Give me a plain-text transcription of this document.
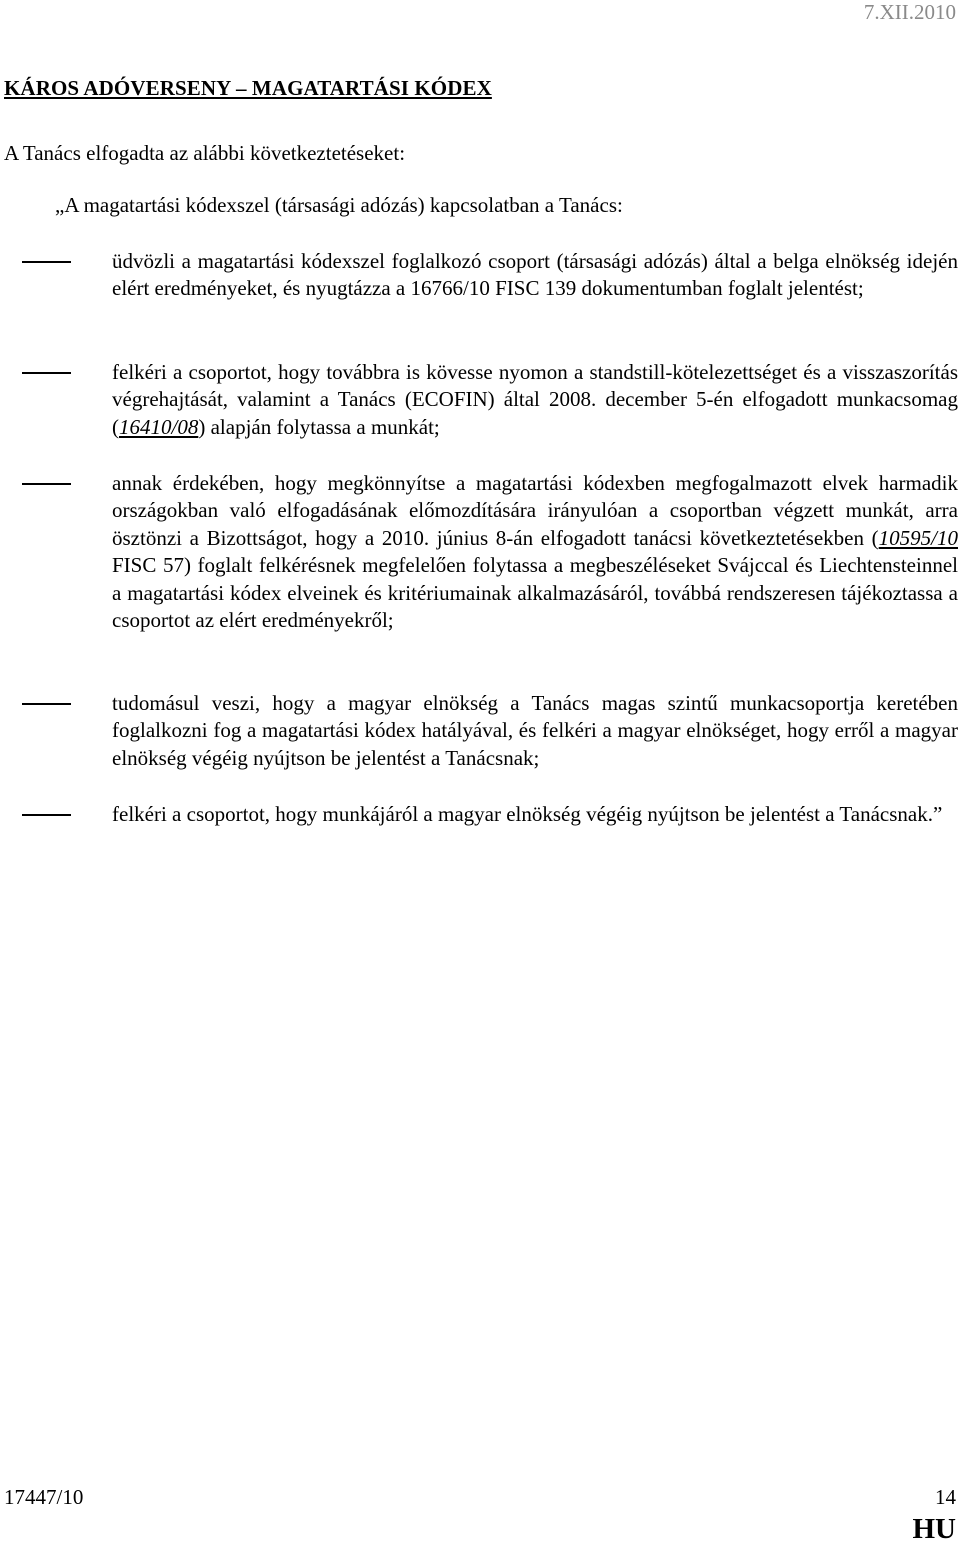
7.XII.2010
KÁROS ADÓVERSENY – MAGATARTÁSI KÓDEX

A Tanács elfogadta az alábbi következtetéseket:

„A magatartási kódexszel (társasági adózás) kapcsolatban a Tanács:

üdvözli a magatartási kódexszel foglalkozó csoport (társasági adózás) által a belga elnökség idején elért eredményeket, és nyugtázza a 16766/10 FISC 139 dokumentumban foglalt jelentést;

felkéri a csoportot, hogy továbbra is kövesse nyomon a standstill-kötelezettséget és a visszaszorítás végrehajtását, valamint a Tanács (ECOFIN) által 2008. december 5-én elfogadott munkacsomag (16410/08) alapján folytassa a munkát;

annak érdekében, hogy megkönnyítse a magatartási kódexben megfogalmazott elvek harmadik országokban való elfogadásának előmozdítására irányulóan a csoportban végzett munkát, arra ösztönzi a Bizottságot, hogy a 2010. június 8-án elfogadott tanácsi következtetésekben (10595/10 FISC 57) foglalt felkérésnek megfelelően folytassa a megbeszéléseket Svájccal és Liechtensteinnel a magatartási kódex elveinek és kritériumainak alkalmazásáról, továbbá rendszeresen tájékoztassa a csoportot az elért eredményekről;

tudomásul veszi, hogy a magyar elnökség a Tanács magas szintű munkacsoportja keretében foglalkozni fog a magatartási kódex hatályával, és felkéri a magyar elnökséget, hogy erről a magyar elnökség végéig nyújtson be jelentést a Tanácsnak;

felkéri a csoportot, hogy munkájáról a magyar elnökség végéig nyújtson be jelentést a Tanácsnak.”

17447/10	14
HU
